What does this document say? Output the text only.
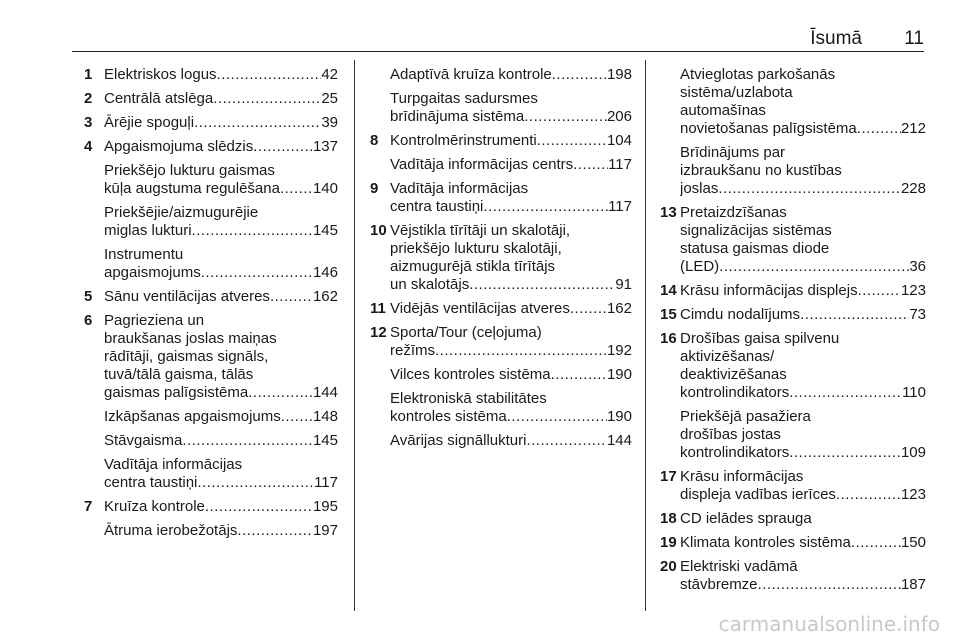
Īsumā 11
1 Elektriskos logus .....	42
2 Centrālā atslēga .....	25
3 Ārējie spoguļi .....	39
4 Apgaismojuma slēdzis .....	137
Priekšējo lukturu gaismas
kūļa augstuma regulēšana ..... 140
Priekšējie/aizmugurējie
miglas lukturi .....	145
Instrumentu
apgaismojums .....	146
5 Sānu ventilācijas atveres .....	162
6 Pagrieziena un
braukšanas joslas maiņas
rādītāji, gaismas signāls,
tuvā/tālā gaisma, tālās
gaismas palīgsistēma .....	144
Izkāpšanas apgaismojums ..... 148
Stāvgaisma .....	145
Vadītāja informācijas
centra taustiņi .....	117
7 Kruīza kontrole .....	195
Ātruma ierobežotājs .....	197
Adaptīvā kruīza kontrole .....	198
Turpgaitas sadursmes
brīdinājuma sistēma .....	206
8 Kontrolmērinstrumenti .....	104
Vadītāja informācijas centrs ..... 117
9 Vadītāja informācijas
centra taustiņi .....	117
10 Vējstikla tīrītāji un skalotāji,
priekšējo lukturu skalotāji,
aizmugurējā stikla tīrītājs
un skalotājs .....	91
11 Vidējās ventilācijas atveres ..... 162
12 Sporta/Tour (ceļojuma)
režīms .....	192
Vilces kontroles sistēma .....	190
Elektroniskā stabilitātes
kontroles sistēma .....	190
Avārijas signāllukturi .....	144
Atvieglotas parkošanās
sistēma/uzlabota
automašīnas
novietošanas palīgsistēma .....	212
Brīdinājums par
izbraukšanu no kustības
joslas .....	228
13 Pretaizdzīšanas
signalizācijas sistēmas
statusa gaismas diode
(LED) .....	36
14 Krāsu informācijas displejs .....	123
15 Cimdu nodalījums .....	73
16 Drošības gaisa spilvenu
aktivizēšanas/
deaktivizēšanas
kontrolindikators .....	110
Priekšējā pasažiera
drošības jostas
kontrolindikators .....	109
17 Krāsu informācijas
displeja vadības ierīces .....	123
18 CD ielādes sprauga
19 Klimata kontroles sistēma .....	150
20 Elektriski vadāmā
stāvbremze .....	187
carmanualsonline.info
